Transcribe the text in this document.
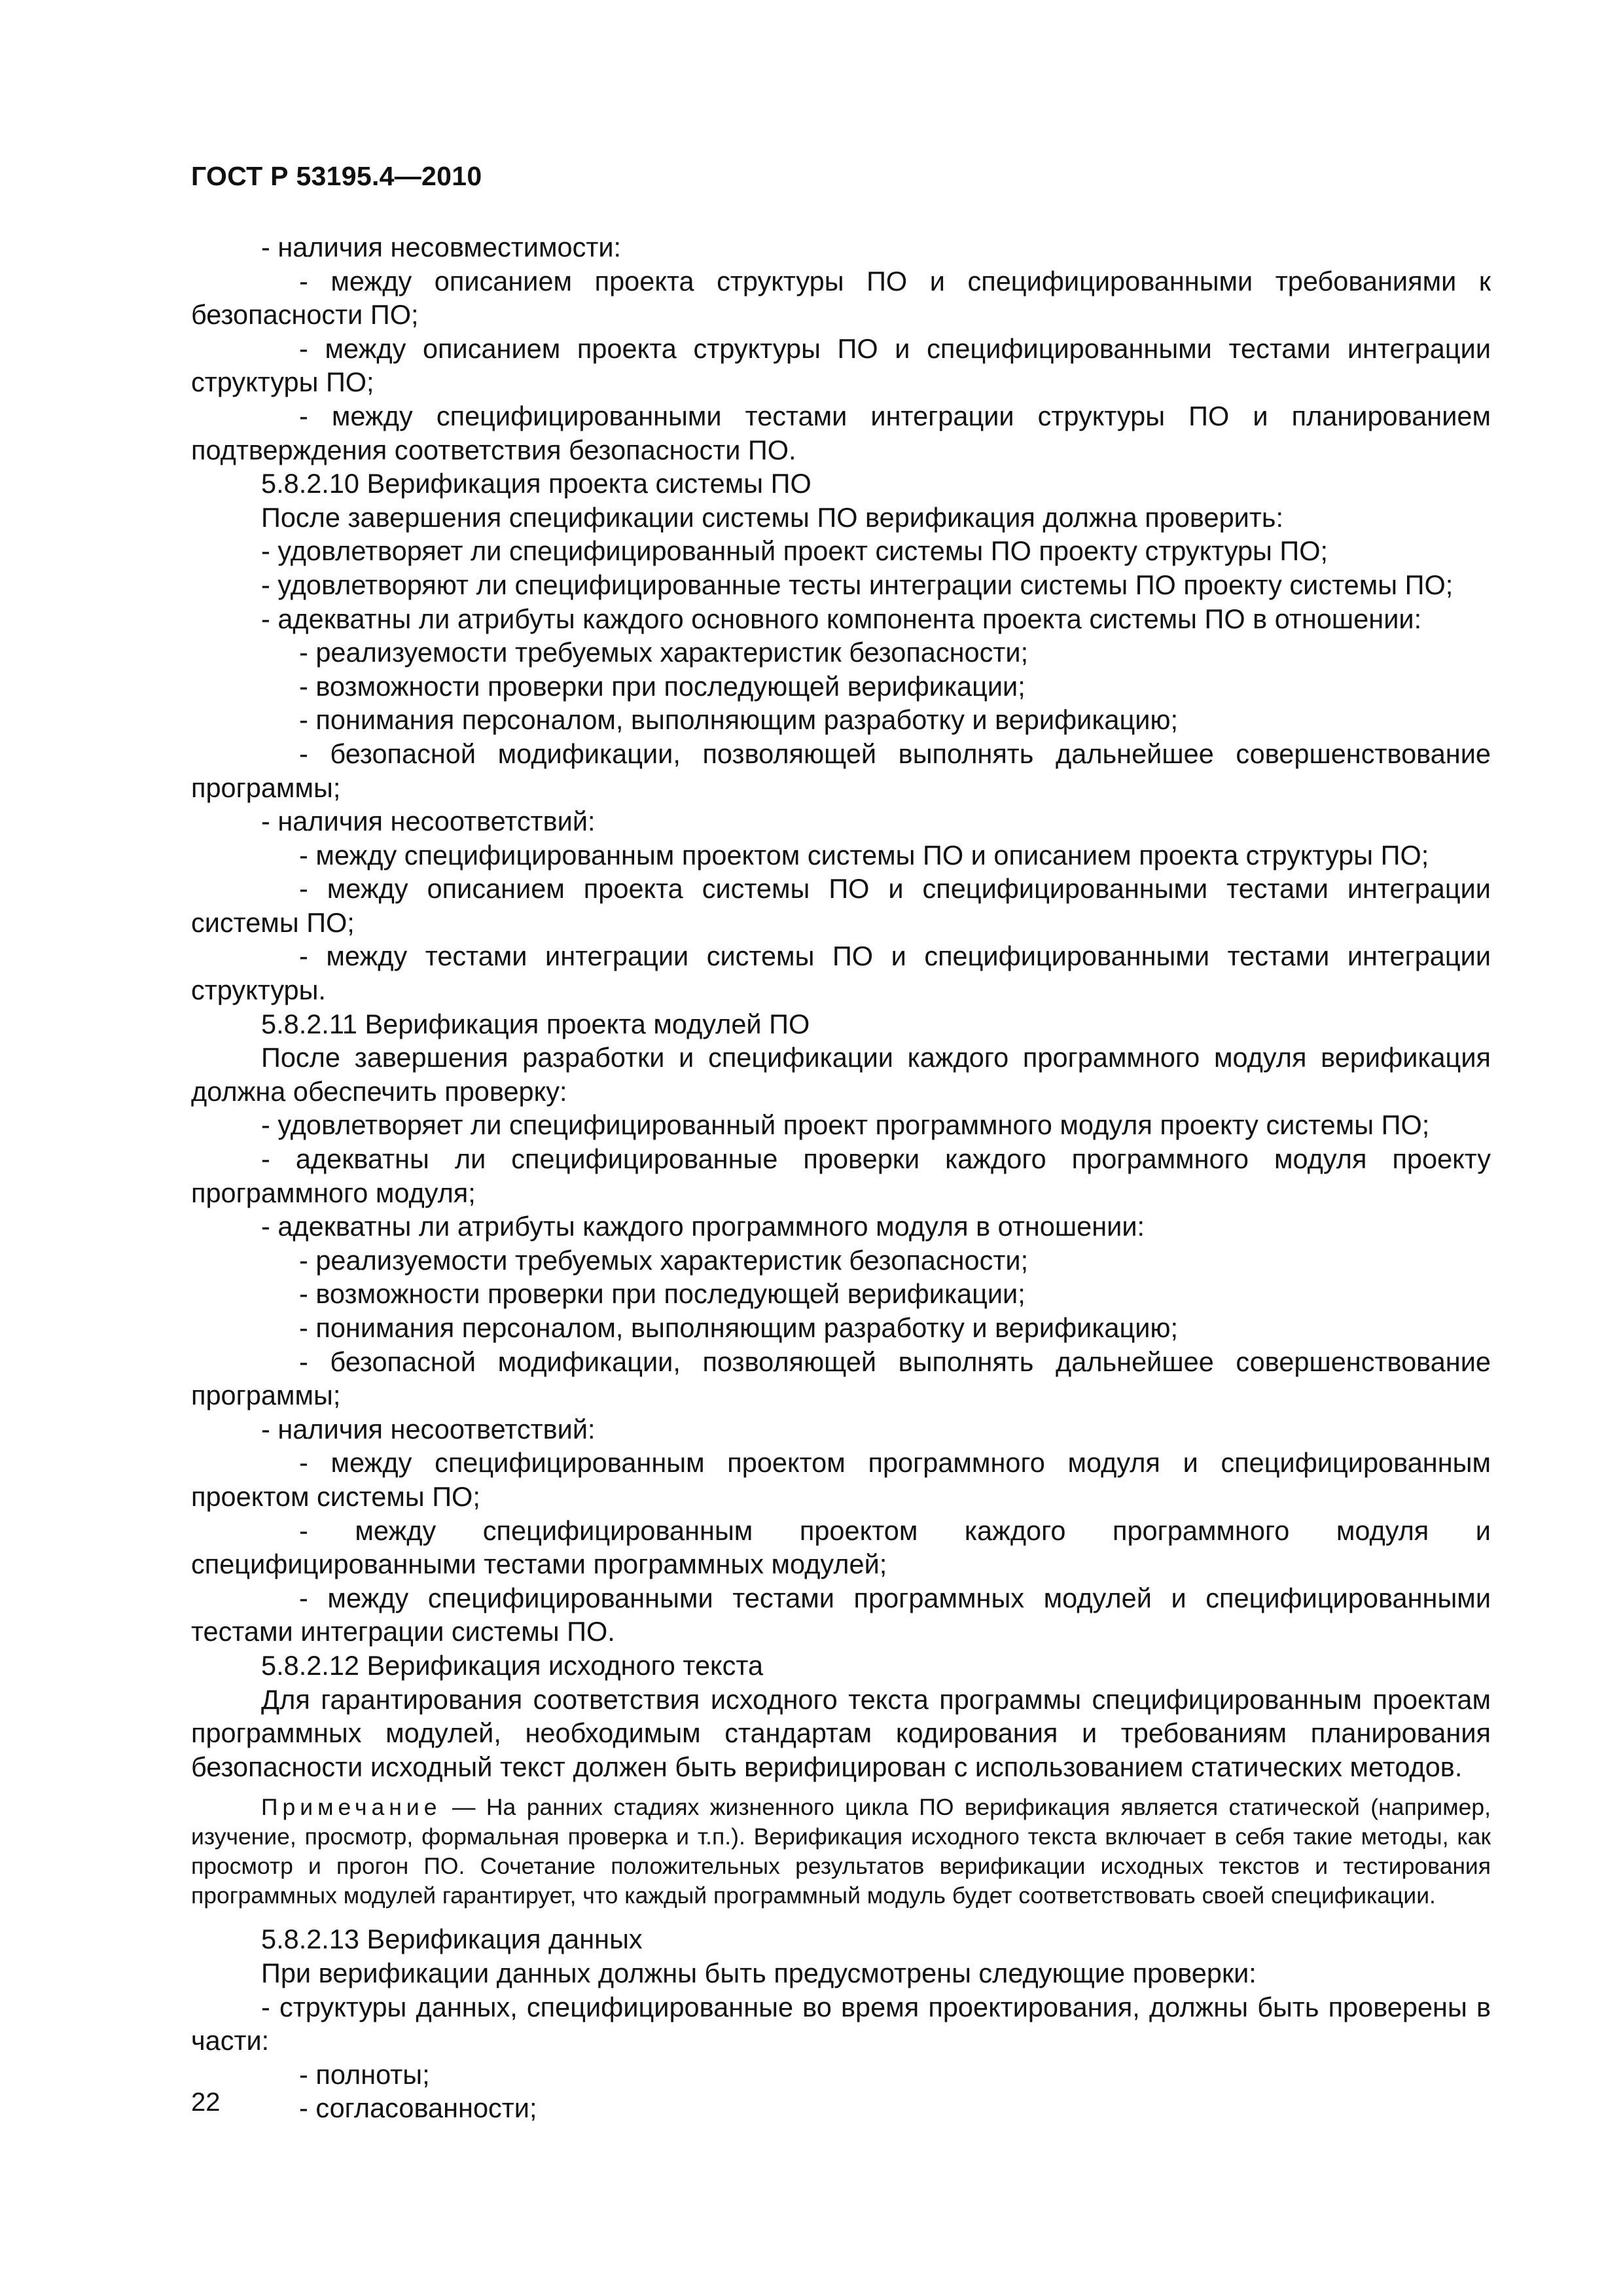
ГОСТ Р 53195.4—2010

- наличия несовместимости:

- между описанием проекта структуры ПО и специфицированными требованиями к безопасности ПО;

- между описанием проекта структуры ПО и специфицированными тестами интеграции структуры ПО;

- между специфицированными тестами интеграции структуры ПО и планированием подтверждения соответствия безопасности ПО.

5.8.2.10 Верификация проекта системы ПО

После завершения спецификации системы ПО верификация должна проверить:

- удовлетворяет ли специфицированный проект системы ПО проекту структуры ПО;

- удовлетворяют ли специфицированные тесты интеграции системы ПО проекту системы ПО;

- адекватны ли атрибуты каждого основного компонента проекта системы ПО в отношении:

- реализуемости требуемых характеристик безопасности;

- возможности проверки при последующей верификации;

- понимания персоналом, выполняющим разработку и верификацию;

- безопасной модификации, позволяющей выполнять дальнейшее совершенствование программы;

- наличия несоответствий:

- между специфицированным проектом системы ПО и описанием проекта структуры ПО;

- между описанием проекта системы ПО и специфицированными тестами интеграции системы ПО;

- между тестами интеграции системы ПО и специфицированными тестами интеграции структуры.

5.8.2.11 Верификация проекта модулей ПО

После завершения разработки и спецификации каждого программного модуля верификация должна обеспечить проверку:

- удовлетворяет ли специфицированный проект программного модуля проекту системы ПО;

- адекватны ли специфицированные проверки каждого программного модуля проекту программного модуля;

- адекватны ли атрибуты каждого программного модуля в отношении:

- реализуемости требуемых характеристик безопасности;

- возможности проверки при последующей верификации;

- понимания персоналом, выполняющим разработку и верификацию;

- безопасной модификации, позволяющей выполнять дальнейшее совершенствование программы;

- наличия несоответствий:

- между специфицированным проектом программного модуля и специфицированным проектом системы ПО;

- между специфицированным проектом каждого программного модуля и специфицированными тестами программных модулей;

- между специфицированными тестами программных модулей и специфицированными тестами интеграции системы ПО.

5.8.2.12 Верификация исходного текста

Для гарантирования соответствия исходного текста программы специфицированным проектам программных модулей, необходимым стандартам кодирования и требованиям планирования безопасности исходный текст должен быть верифицирован с использованием статических методов.

Примечание — На ранних стадиях жизненного цикла ПО верификация является статической (например, изучение, просмотр, формальная проверка и т.п.). Верификация исходного текста включает в себя такие методы, как просмотр и прогон ПО. Сочетание положительных результатов верификации исходных текстов и тестирования программных модулей гарантирует, что каждый программный модуль будет соответствовать своей спецификации.

5.8.2.13 Верификация данных

При верификации данных должны быть предусмотрены следующие проверки:

- структуры данных, специфицированные во время проектирования, должны быть проверены в части:

- полноты;

- согласованности;

22
